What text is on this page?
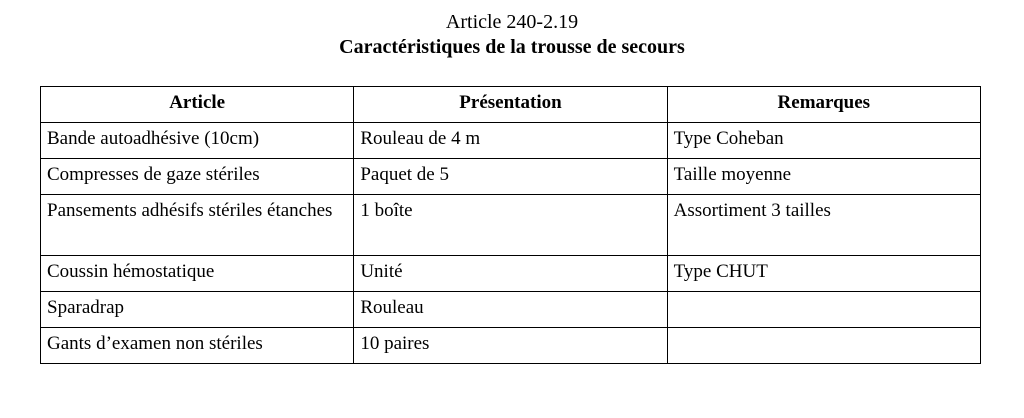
Article 240-2.19
Caractéristiques de la trousse de secours
Article	Présentation	Remarques
Bande autoadhésive (10cm)	Rouleau de 4 m	Type Coheban
Compresses de gaze stériles	Paquet de 5	Taille moyenne
Pansements adhésifs stériles étanches	1 boîte	Assortiment 3 tailles
Coussin hémostatique	Unité	Type CHUT
Sparadrap	Rouleau	
Gants d’examen non stériles	10 paires	
